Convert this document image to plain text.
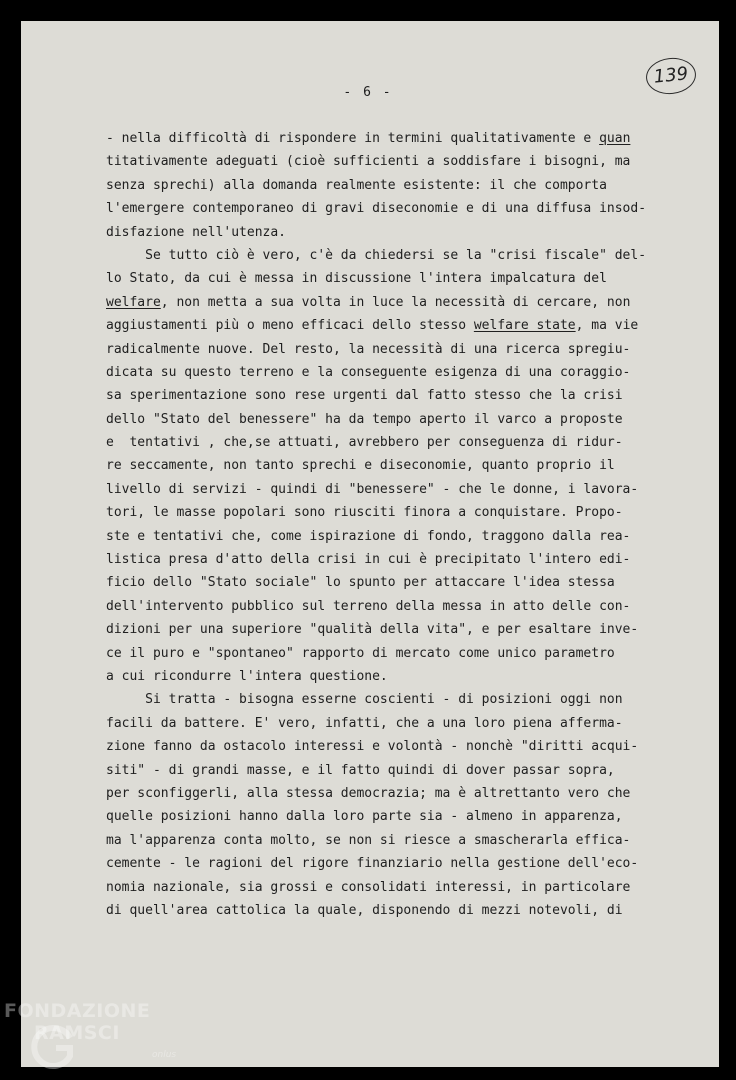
- 6 -
139
- nella difficoltà di rispondere in termini qualitativamente e quan
titativamente adeguati (cioè sufficienti a soddisfare i bisogni, ma
senza sprechi) alla domanda realmente esistente: il che comporta
l'emergere contemporaneo di gravi diseconomie e di una diffusa insod-
disfazione nell'utenza.
Se tutto ciò è vero, c'è da chiedersi se la "crisi fiscale" del-
lo Stato, da cui è messa in discussione l'intera impalcatura del
welfare, non metta a sua volta in luce la necessità di cercare, non
aggiustamenti più o meno efficaci dello stesso welfare state, ma vie
radicalmente nuove. Del resto, la necessità di una ricerca spregiu-
dicata su questo terreno e la conseguente esigenza di una coraggio-
sa sperimentazione sono rese urgenti dal fatto stesso che la crisi
dello "Stato del benessere" ha da tempo aperto il varco a proposte
e  tentativi , che,se attuati, avrebbero per conseguenza di ridur-
re seccamente, non tanto sprechi e diseconomie, quanto proprio il
livello di servizi - quindi di "benessere" - che le donne, i lavora-
tori, le masse popolari sono riusciti finora a conquistare. Propo-
ste e tentativi che, come ispirazione di fondo, traggono dalla rea-
listica presa d'atto della crisi in cui è precipitato l'intero edi-
ficio dello "Stato sociale" lo spunto per attaccare l'idea stessa
dell'intervento pubblico sul terreno della messa in atto delle con-
dizioni per una superiore "qualità della vita", e per esaltare inve-
ce il puro e "spontaneo" rapporto di mercato come unico parametro
a cui ricondurre l'intera questione.
Si tratta - bisogna esserne coscienti - di posizioni oggi non
facili da battere. E' vero, infatti, che a una loro piena afferma-
zione fanno da ostacolo interessi e volontà - nonchè "diritti acqui-
siti" - di grandi masse, e il fatto quindi di dover passar sopra,
per sconfiggerli, alla stessa democrazia; ma è altrettanto vero che
quelle posizioni hanno dalla loro parte sia - almeno in apparenza,
ma l'apparenza conta molto, se non si riesce a smascherarla effica-
cemente - le ragioni del rigore finanziario nella gestione dell'eco-
nomia nazionale, sia grossi e consolidati interessi, in particolare
di quell'area cattolica la quale, disponendo di mezzi notevoli, di
FONDAZIONE
RAMSCI
onlus
